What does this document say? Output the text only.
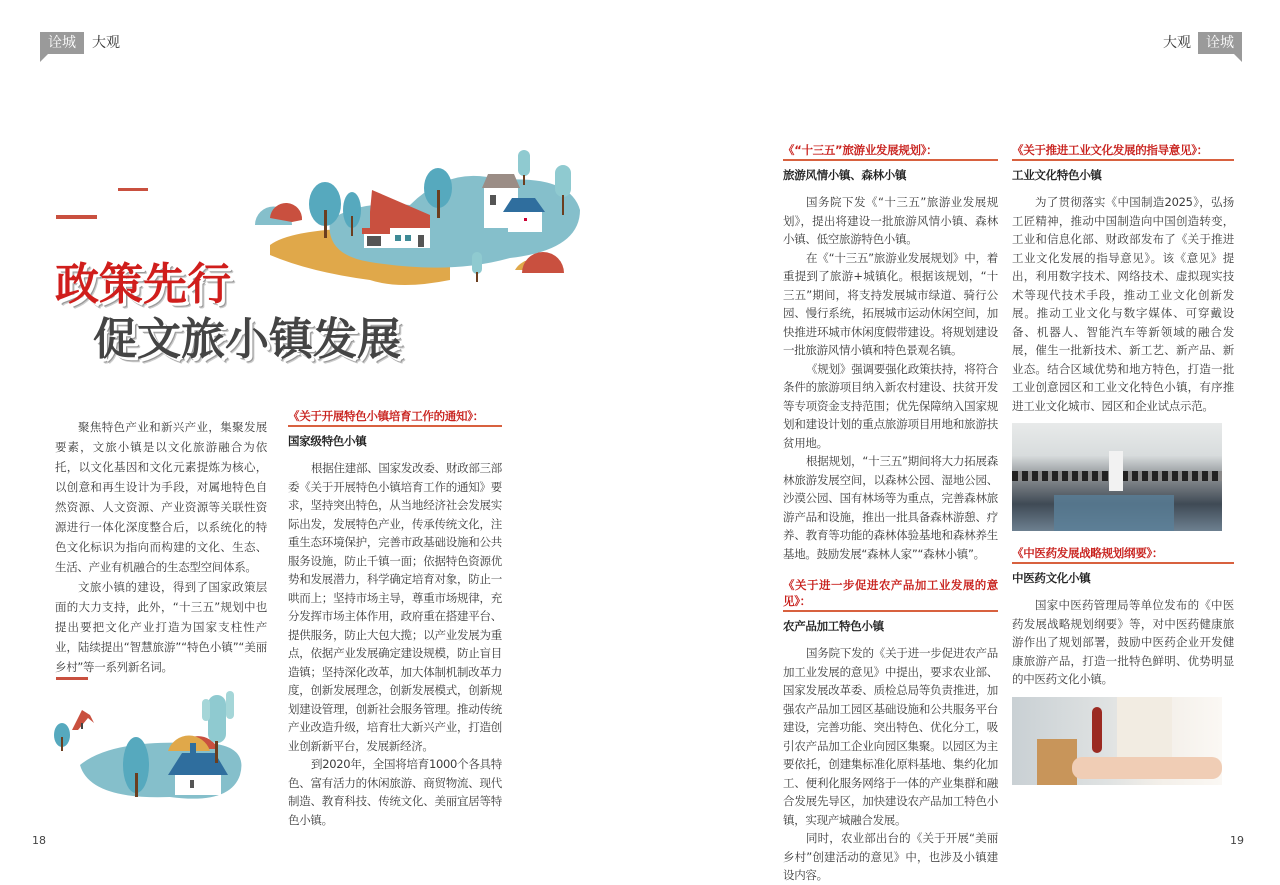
诠城	大观	大观	诠城
政策先行
促文旅小镇发展

聚焦特色产业和新兴产业，集聚发展要素，文旅小镇是以文化旅游融合为依托，以文化基因和文化元素提炼为核心，以创意和再生设计为手段，对属地特色自然资源、人文资源、产业资源等关联性资源进行一体化深度整合后，以系统化的特色文化标识为指向而构建的文化、生态、生活、产业有机融合的生态型空间体系。

文旅小镇的建设，得到了国家政策层面的大力支持，此外，“十三五”规划中也提出要把文化产业打造为国家支柱性产业，陆续提出“智慧旅游”“特色小镇”“美丽乡村”等一系列新名词。

《关于开展特色小镇培育工作的通知》：
国家级特色小镇

根据住建部、国家发改委、财政部三部委《关于开展特色小镇培育工作的通知》要求，坚持突出特色，从当地经济社会发展实际出发，发展特色产业，传承传统文化，注重生态环境保护，完善市政基础设施和公共服务设施，防止千镇一面；依据特色资源优势和发展潜力，科学确定培育对象，防止一哄而上；坚持市场主导，尊重市场规律，充分发挥市场主体作用，政府重在搭建平台、提供服务，防止大包大揽；以产业发展为重点，依据产业发展确定建设规模，防止盲目造镇；坚持深化改革，加大体制机制改革力度，创新发展理念，创新发展模式，创新规划建设管理，创新社会服务管理。推动传统产业改造升级，培育壮大新兴产业，打造创业创新新平台，发展新经济。

到2020年，全国将培育1000个各具特色、富有活力的休闲旅游、商贸物流、现代制造、教育科技、传统文化、美丽宜居等特色小镇。

《“十三五”旅游业发展规划》：
旅游风情小镇、森林小镇

国务院下发《“十三五”旅游业发展规划》，提出将建设一批旅游风情小镇、森林小镇、低空旅游特色小镇。

在《“十三五”旅游业发展规划》中，着重提到了旅游+城镇化。根据该规划，“十三五”期间，将支持发展城市绿道、骑行公园、慢行系统，拓展城市运动休闲空间，加快推进环城市休闲度假带建设。将规划建设一批旅游风情小镇和特色景观名镇。

《规划》强调要强化政策扶持，将符合条件的旅游项目纳入新农村建设、扶贫开发等专项资金支持范围；优先保障纳入国家规划和建设计划的重点旅游项目用地和旅游扶贫用地。

根据规划，“十三五”期间将大力拓展森林旅游发展空间，以森林公园、湿地公园、沙漠公园、国有林场等为重点，完善森林旅游产品和设施，推出一批具备森林游憩、疗养、教育等功能的森林体验基地和森林养生基地。鼓励发展“森林人家”“森林小镇”。

《关于进一步促进农产品加工业发展的意见》：
农产品加工特色小镇

国务院下发的《关于进一步促进农产品加工业发展的意见》中提出，要求农业部、国家发展改革委、质检总局等负责推进，加强农产品加工园区基础设施和公共服务平台建设，完善功能、突出特色、优化分工，吸引农产品加工企业向园区集聚。以园区为主要依托，创建集标准化原料基地、集约化加工、便利化服务网络于一体的产业集群和融合发展先导区，加快建设农产品加工特色小镇，实现产城融合发展。

同时，农业部出台的《关于开展“美丽乡村”创建活动的意见》中，也涉及小镇建设内容。

《关于推进工业文化发展的指导意见》：
工业文化特色小镇

为了贯彻落实《中国制造2025》，弘扬工匠精神，推动中国制造向中国创造转变，工业和信息化部、财政部发布了《关于推进工业文化发展的指导意见》。该《意见》提出，利用数字技术、网络技术、虚拟现实技术等现代技术手段，推动工业文化创新发展。推动工业文化与数字媒体、可穿戴设备、机器人、智能汽车等新领域的融合发展，催生一批新技术、新工艺、新产品、新业态。结合区域优势和地方特色，打造一批工业创意园区和工业文化特色小镇，有序推进工业文化城市、园区和企业试点示范。

《中医药发展战略规划纲要》：
中医药文化小镇

国家中医药管理局等单位发布的《中医药发展战略规划纲要》等，对中医药健康旅游作出了规划部署，鼓励中医药企业开发健康旅游产品，打造一批特色鲜明、优势明显的中医药文化小镇。

18	19
